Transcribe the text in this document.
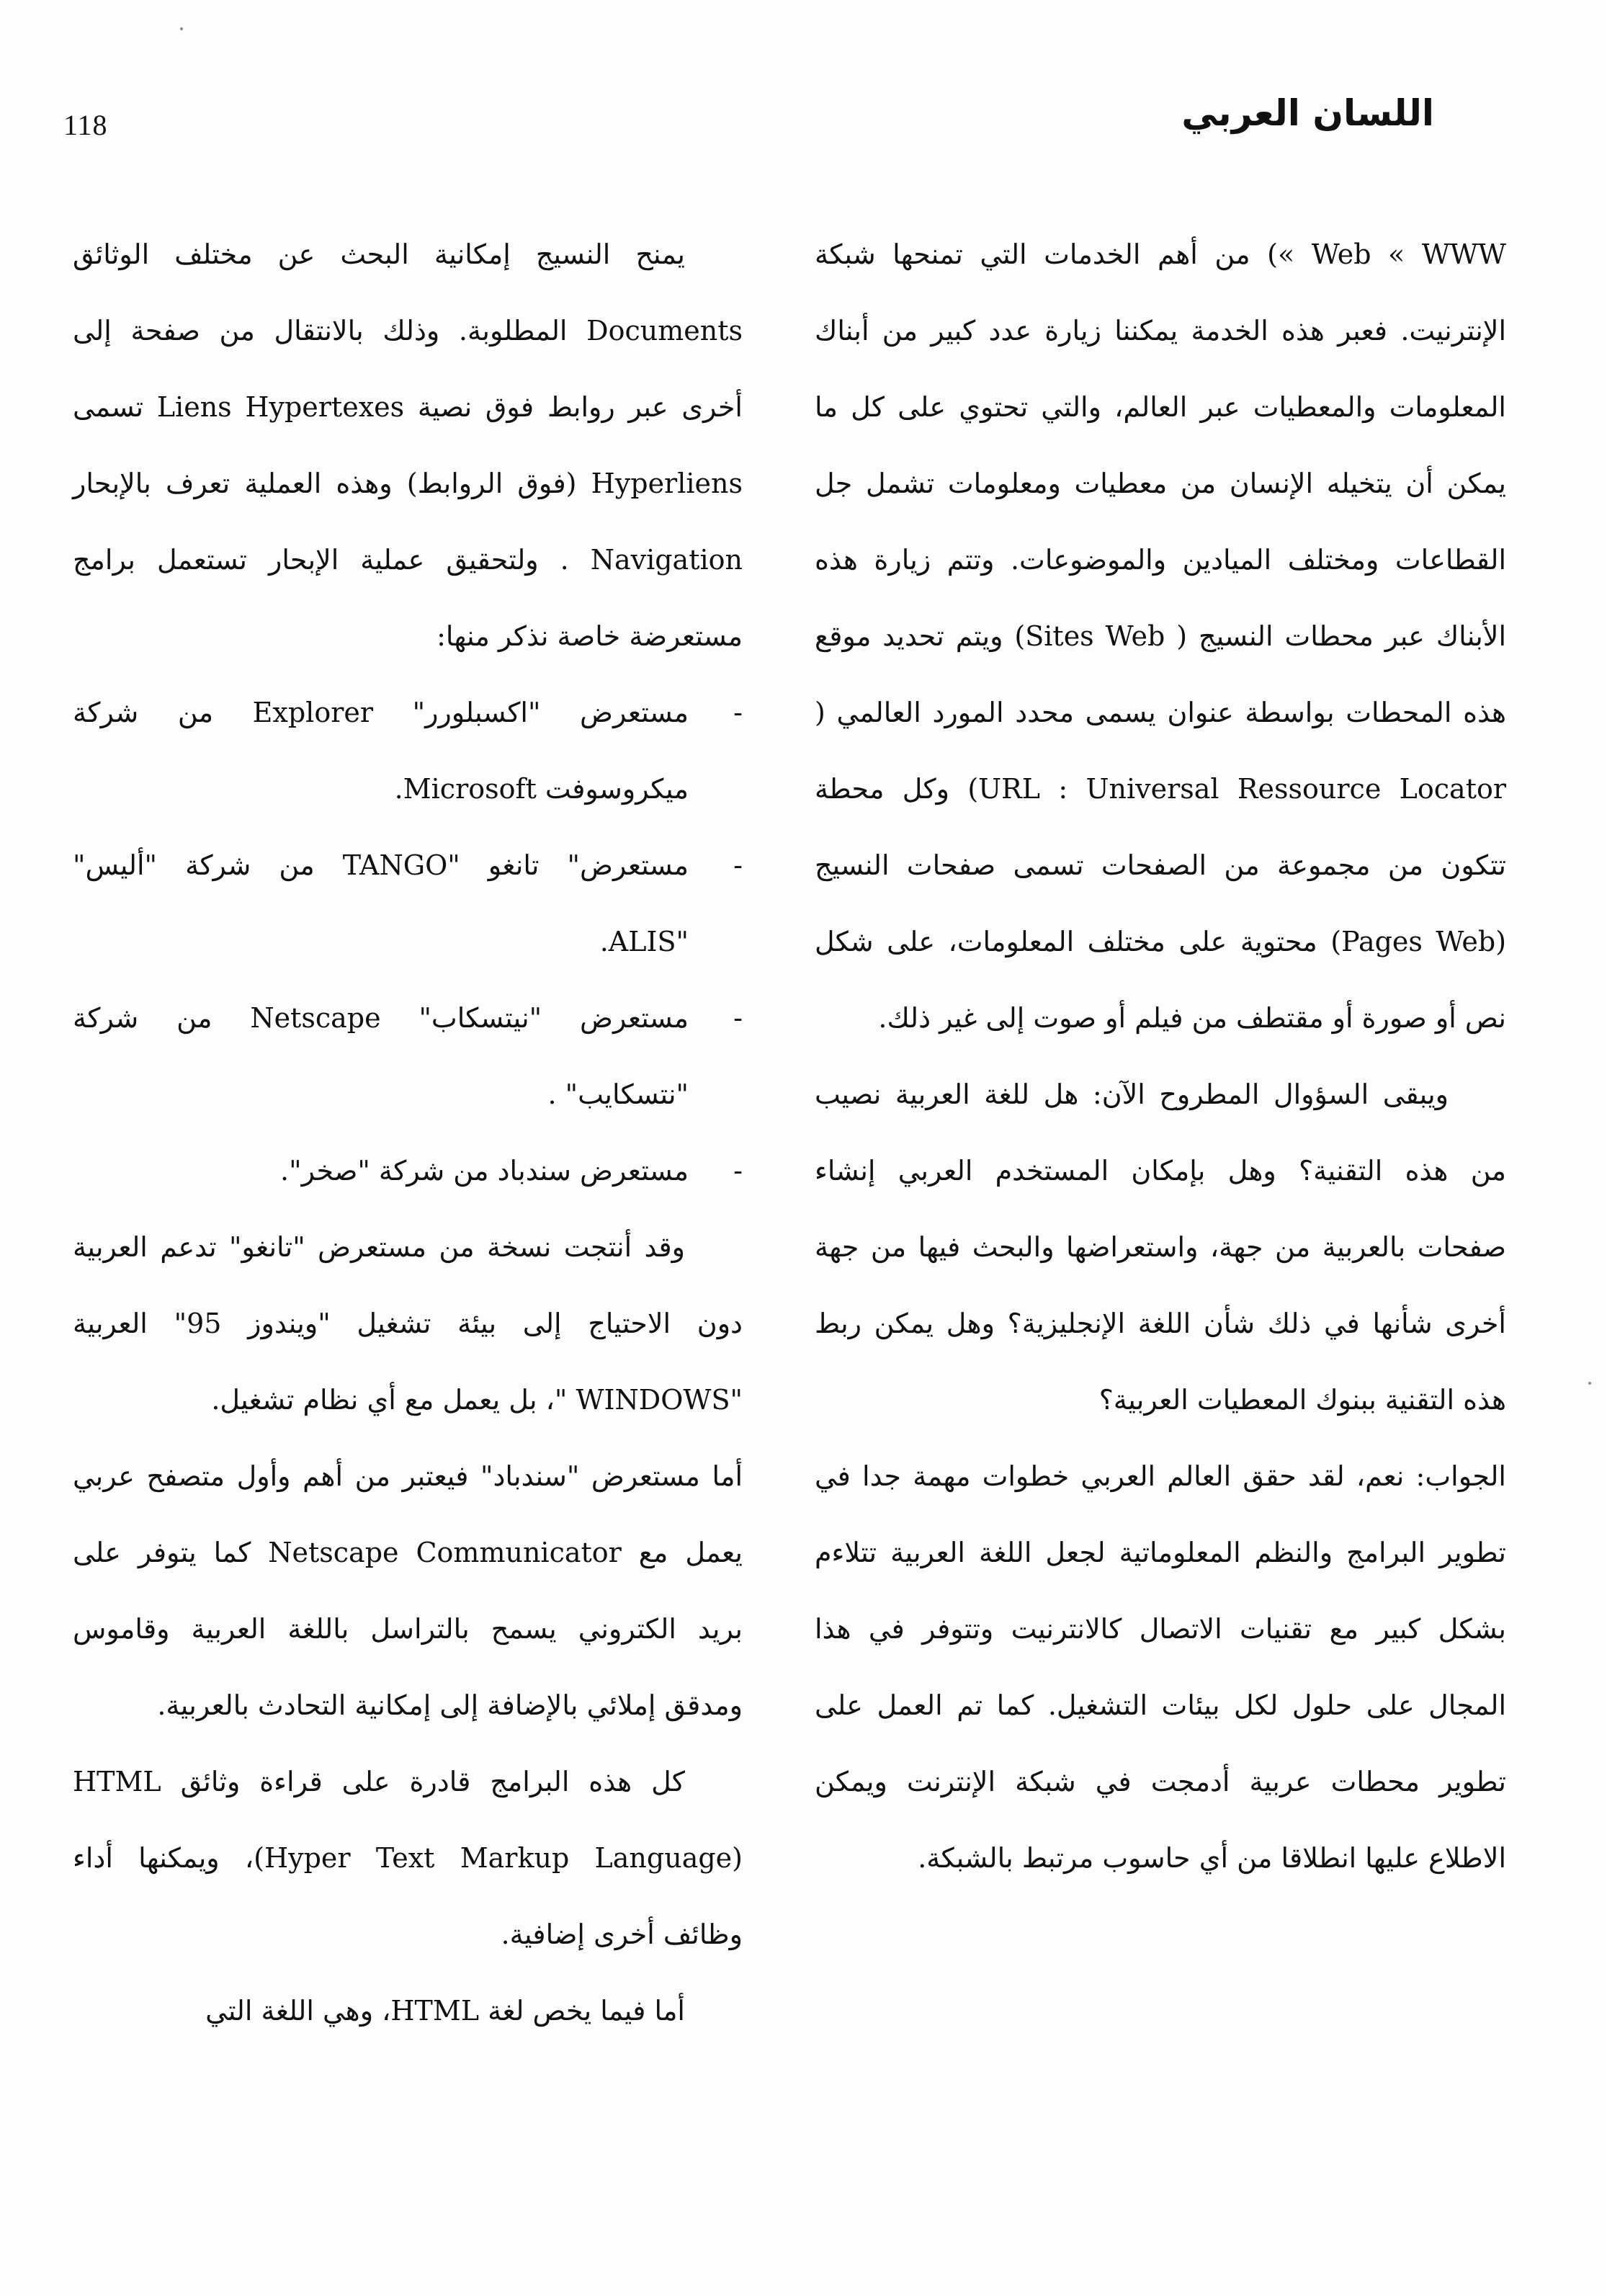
118	اللسان العربي

Web « WWW ») من أهم الخدمات التي تمنحها شبكة الإنترنيت. فعبر هذه الخدمة يمكننا زيارة عدد كبير من أبناك المعلومات والمعطيات عبر العالم، والتي تحتوي على كل ما يمكن أن يتخيله الإنسان من معطيات ومعلومات تشمل جل القطاعات ومختلف الميادين والموضوعات. وتتم زيارة هذه الأبناك عبر محطات النسيج ( Sites Web) ويتم تحديد موقع هذه المحطات بواسطة عنوان يسمى محدد المورد العالمي ( URL : Universal Ressource Locator) وكل محطة تتكون من مجموعة من الصفحات تسمى صفحات النسيج (Pages Web) محتوية على مختلف المعلومات، على شكل نص أو صورة أو مقتطف من فيلم أو صوت إلى غير ذلك.

ويبقى السؤوال المطروح الآن: هل للغة العربية نصيب من هذه التقنية؟ وهل بإمكان المستخدم العربي إنشاء صفحات بالعربية من جهة، واستعراضها والبحث فيها من جهة أخرى شأنها في ذلك شأن اللغة الإنجليزية؟ وهل يمكن ربط هذه التقنية ببنوك المعطيات العربية؟

الجواب: نعم، لقد حقق العالم العربي خطوات مهمة جدا في تطوير البرامج والنظم المعلوماتية لجعل اللغة العربية تتلاءم بشكل كبير مع تقنيات الاتصال كالانترنيت وتتوفر في هذا المجال على حلول لكل بيئات التشغيل. كما تم العمل على تطوير محطات عربية أدمجت في شبكة الإنترنت ويمكن الاطلاع عليها انطلاقا من أي حاسوب مرتبط بالشبكة.

يمنح النسيج إمكانية البحث عن مختلف الوثائق Documents المطلوبة. وذلك بالانتقال من صفحة إلى أخرى عبر روابط فوق نصية Liens Hypertexes تسمى Hyperliens (فوق الروابط) وهذه العملية تعرف بالإبحار Navigation . ولتحقيق عملية الإبحار تستعمل برامج مستعرضة خاصة نذكر منها:

-
مستعرض "اكسبلورر" Explorer من شركة ميكروسوفت Microsoft.
-
مستعرض" تانغو "TANGO من شركة "أليس" "ALIS.
-
مستعرض "نيتسكاب" Netscape من شركة "نتسكايب" .
-
مستعرض سندباد من شركة "صخر".

وقد أنتجت نسخة من مستعرض "تانغو" تدعم العربية دون الاحتياج إلى بيئة تشغيل "ويندوز 95" العربية "WINDOWS "، بل يعمل مع أي نظام تشغيل.

أما مستعرض "سندباد" فيعتبر من أهم وأول متصفح عربي يعمل مع Netscape Communicator كما يتوفر على بريد الكتروني يسمح بالتراسل باللغة العربية وقاموس ومدقق إملائي بالإضافة إلى إمكانية التحادث بالعربية.

كل هذه البرامج قادرة على قراءة وثائق HTML (Hyper Text Markup Language)، ويمكنها أداء وظائف أخرى إضافية.

أما فيما يخص لغة HTML، وهي اللغة التي
